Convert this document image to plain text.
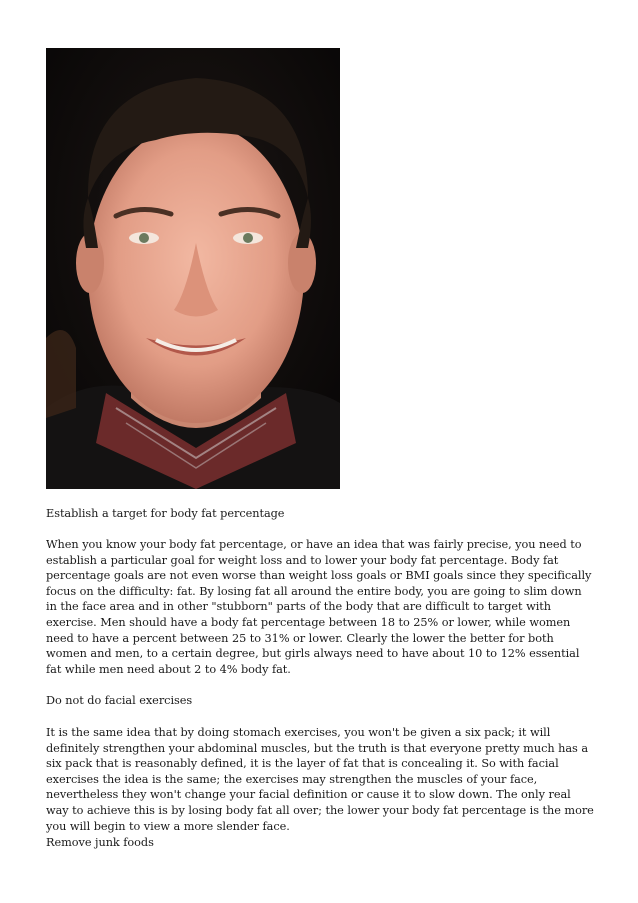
Establish a target for body fat percentage

When you know your body fat percentage, or have an idea that was fairly precise, you need to establish a particular goal for weight loss and to lower your body fat percentage. Body fat percentage goals are not even worse than weight loss goals or BMI goals since they specifically focus on the difficulty: fat. By losing fat all around the entire body, you are going to slim down in the face area and in other "stubborn" parts of the body that are difficult to target with exercise. Men should have a body fat percentage between 18 to 25% or lower, while women need to have a percent between 25 to 31% or lower. Clearly the lower the better for both women and men, to a certain degree, but girls always need to have about 10 to 12% essential fat while men need about 2 to 4% body fat.

Do not do facial exercises

It is the same idea that by doing stomach exercises, you won't be given a six pack; it will definitely strengthen your abdominal muscles, but the truth is that everyone pretty much has a six pack that is reasonably defined, it is the layer of fat that is concealing it. So with facial exercises the idea is the same; the exercises may strengthen the muscles of your face, nevertheless they won't change your facial definition or cause it to slow down. The only real way to achieve this is by losing body fat all over; the lower your body fat percentage is the more you will begin to view a more slender face.

Remove junk foods
